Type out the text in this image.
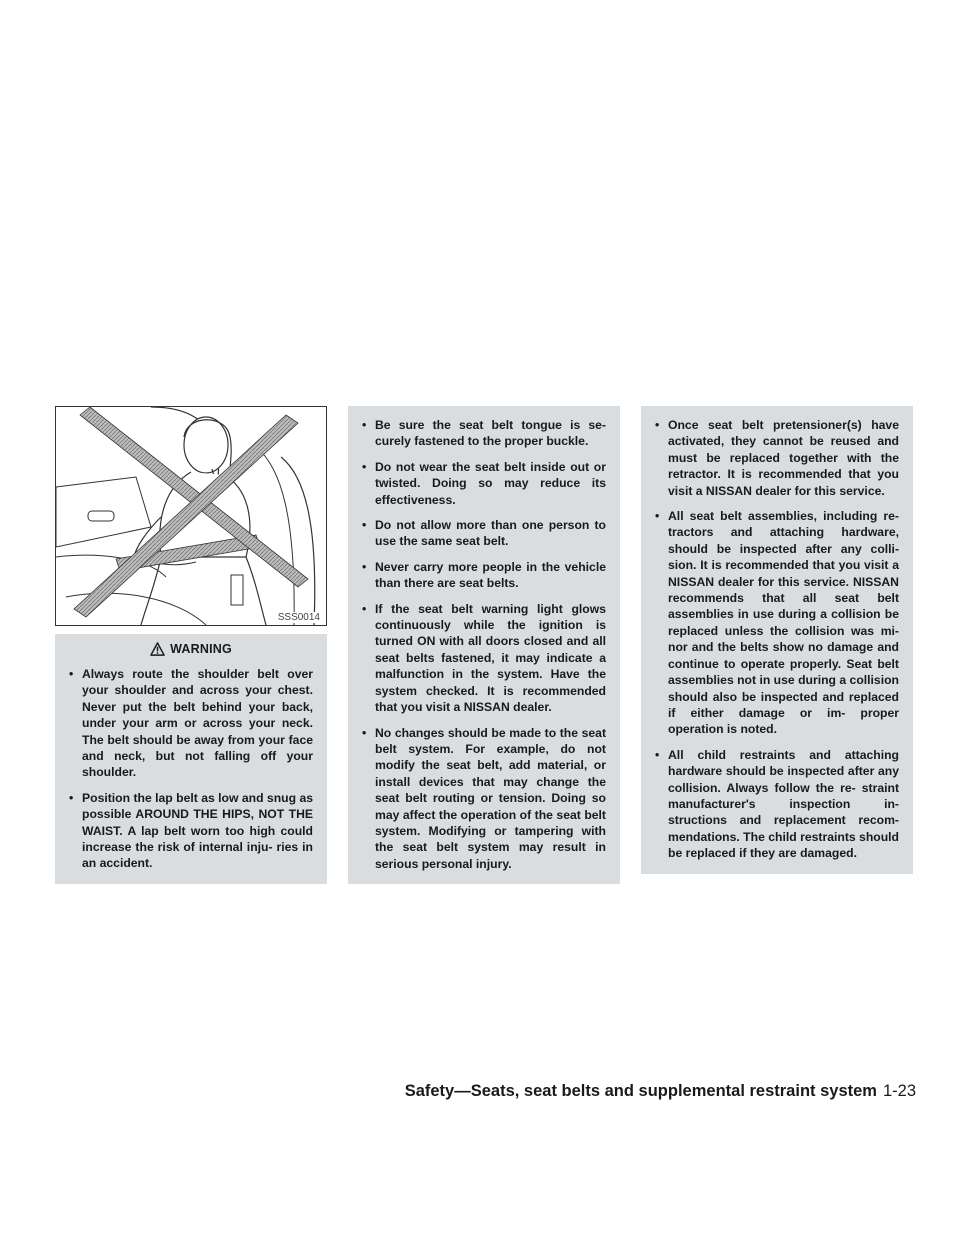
SSS0014
WARNING
• Always route the shoulder belt over your shoulder and across your chest. Never put the belt behind your back, under your arm or across your neck. The belt should be away from your face and neck, but not falling off your shoulder.
• Position the lap belt as low and snug as possible AROUND THE HIPS, NOT THE WAIST. A lap belt worn too high could increase the risk of internal inju- ries in an accident.
• Be sure the seat belt tongue is se- curely fastened to the proper buckle.
• Do not wear the seat belt inside out or twisted. Doing so may reduce its effectiveness.
• Do not allow more than one person to use the same seat belt.
• Never carry more people in the vehicle than there are seat belts.
• If the seat belt warning light glows continuously while the ignition is turned ON with all doors closed and all seat belts fastened, it may indicate a malfunction in the system. Have the system checked. It is recommended that you visit a NISSAN dealer.
• No changes should be made to the seat belt system. For example, do not modify the seat belt, add material, or install devices that may change the seat belt routing or tension. Doing so may affect the operation of the seat belt system. Modifying or tampering with the seat belt system may result in serious personal injury.
• Once seat belt pretensioner(s) have activated, they cannot be reused and must be replaced together with the retractor. It is recommended that you visit a NISSAN dealer for this service.
• All seat belt assemblies, including re- tractors and attaching hardware, should be inspected after any colli- sion. It is recommended that you visit a NISSAN dealer for this service. NISSAN recommends that all seat belt assemblies in use during a collision be replaced unless the collision was mi- nor and the belts show no damage and continue to operate properly. Seat belt assemblies not in use during a collision should also be inspected and replaced if either damage or im- proper operation is noted.
• All child restraints and attaching hardware should be inspected after any collision. Always follow the re- straint manufacturer's inspection in- structions and replacement recom- mendations. The child restraints should be replaced if they are damaged.
Safety—Seats, seat belts and supplemental restraint system 1-23
